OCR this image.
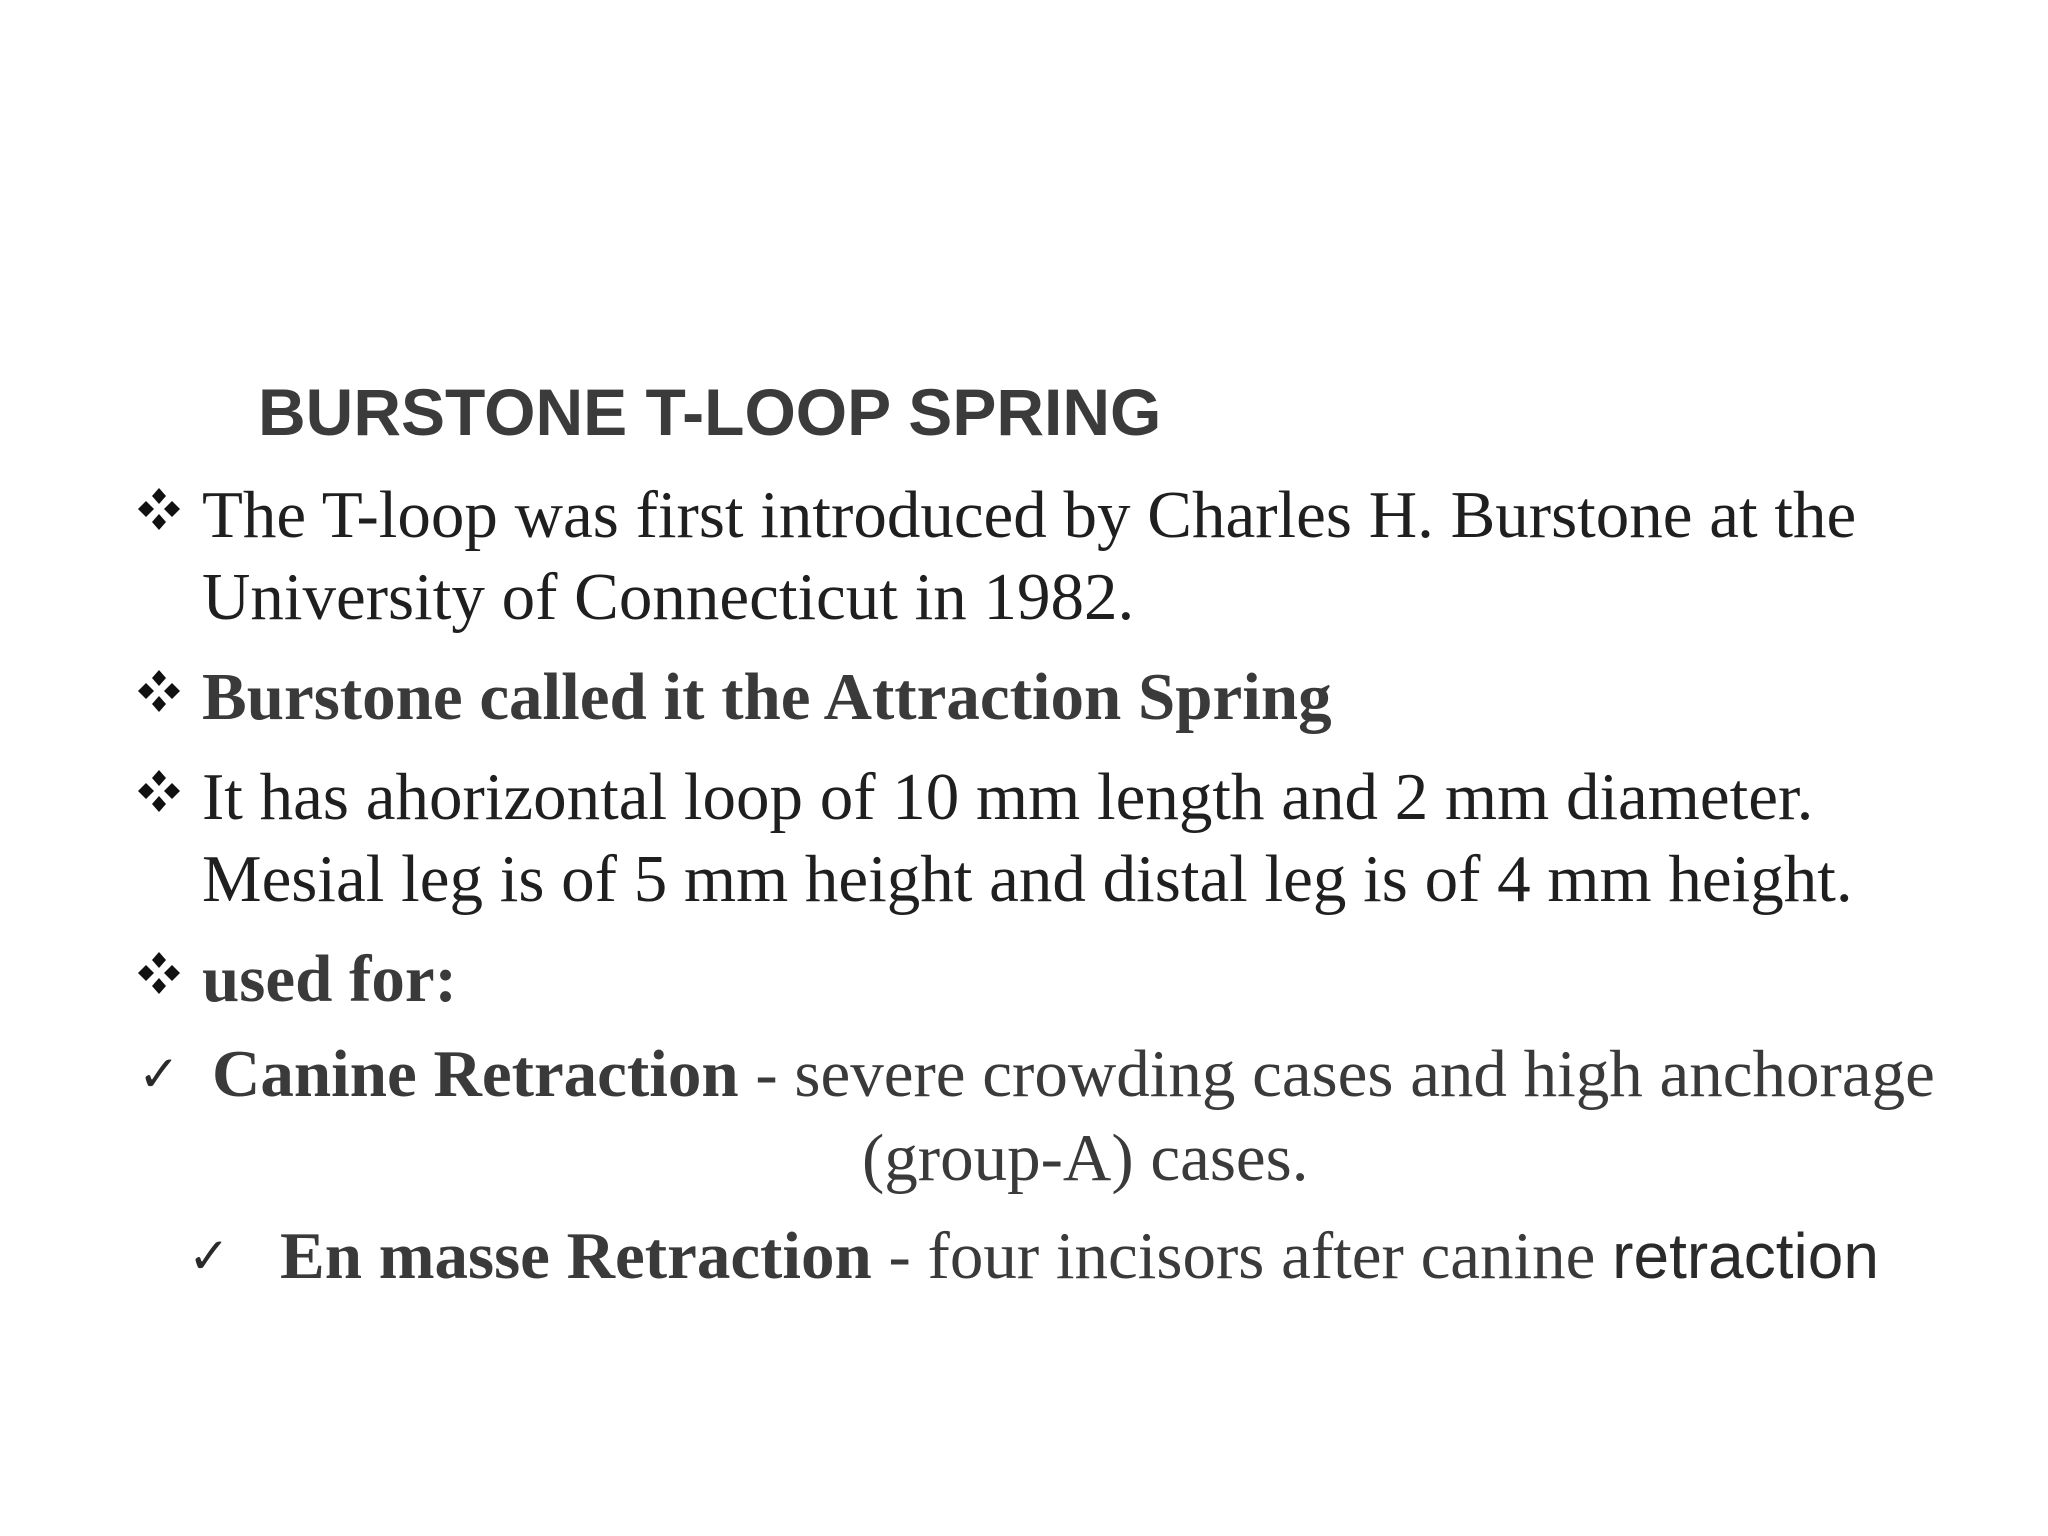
BURSTONE T-LOOP SPRING
The T-loop was first introduced by Charles H. Burstone at the University of Connecticut in 1982.
Burstone called it the Attraction Spring
It has ahorizontal loop of 10 mm length and 2 mm diameter. Mesial leg is of 5 mm height and distal leg is of 4 mm height.
used for:
✓ Canine Retraction - severe crowding cases and high anchorage
(group-A) cases.
✓ En masse Retraction - four incisors after canine retraction
